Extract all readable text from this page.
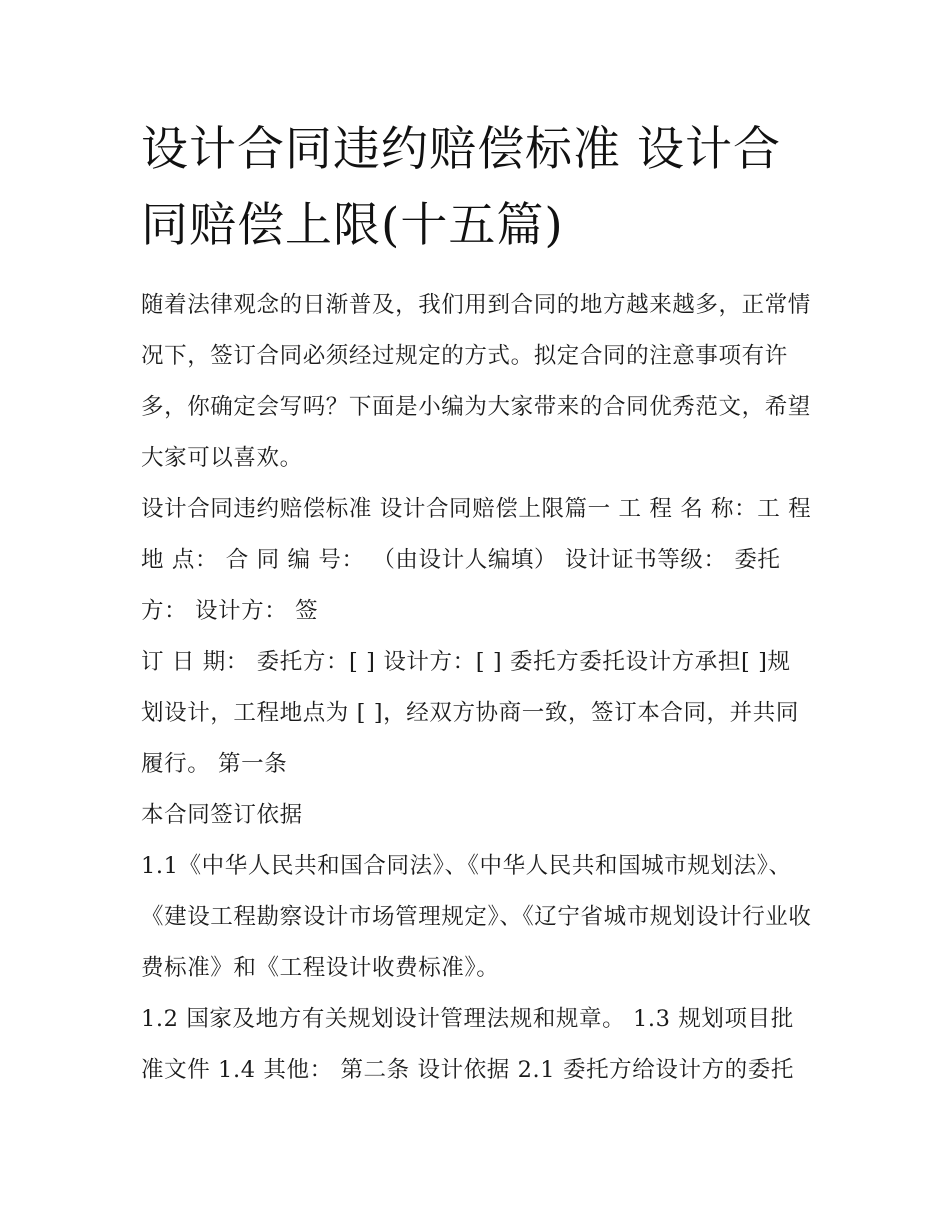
设计合同违约赔偿标准 设计合同赔偿上限(十五篇)

随着法律观念的日渐普及，我们用到合同的地方越来越多，正常情况下，签订合同必须经过规定的方式。拟定合同的注意事项有许多，你确定会写吗？下面是小编为大家带来的合同优秀范文，希望大家可以喜欢。

设计合同违约赔偿标准 设计合同赔偿上限篇一 工 程 名 称：工 程 地 点： 合 同 编 号： （由设计人编填） 设计证书等级： 委托方： 设计方： 签

订 日 期： 委托方：[ ] 设计方：[ ] 委托方委托设计方承担[ ]规划设计，工程地点为 [ ]，经双方协商一致，签订本合同，并共同履行。 第一条

本合同签订依据

1.1《中华人民共和国合同法》、《中华人民共和国城市规划法》、《建设工程勘察设计市场管理规定》、《辽宁省城市规划设计行业收费标准》和《工程设计收费标准》。

1.2 国家及地方有关规划设计管理法规和规章。 1.3 规划项目批准文件 1.4 其他： 第二条 设计依据 2.1 委托方给设计方的委托
